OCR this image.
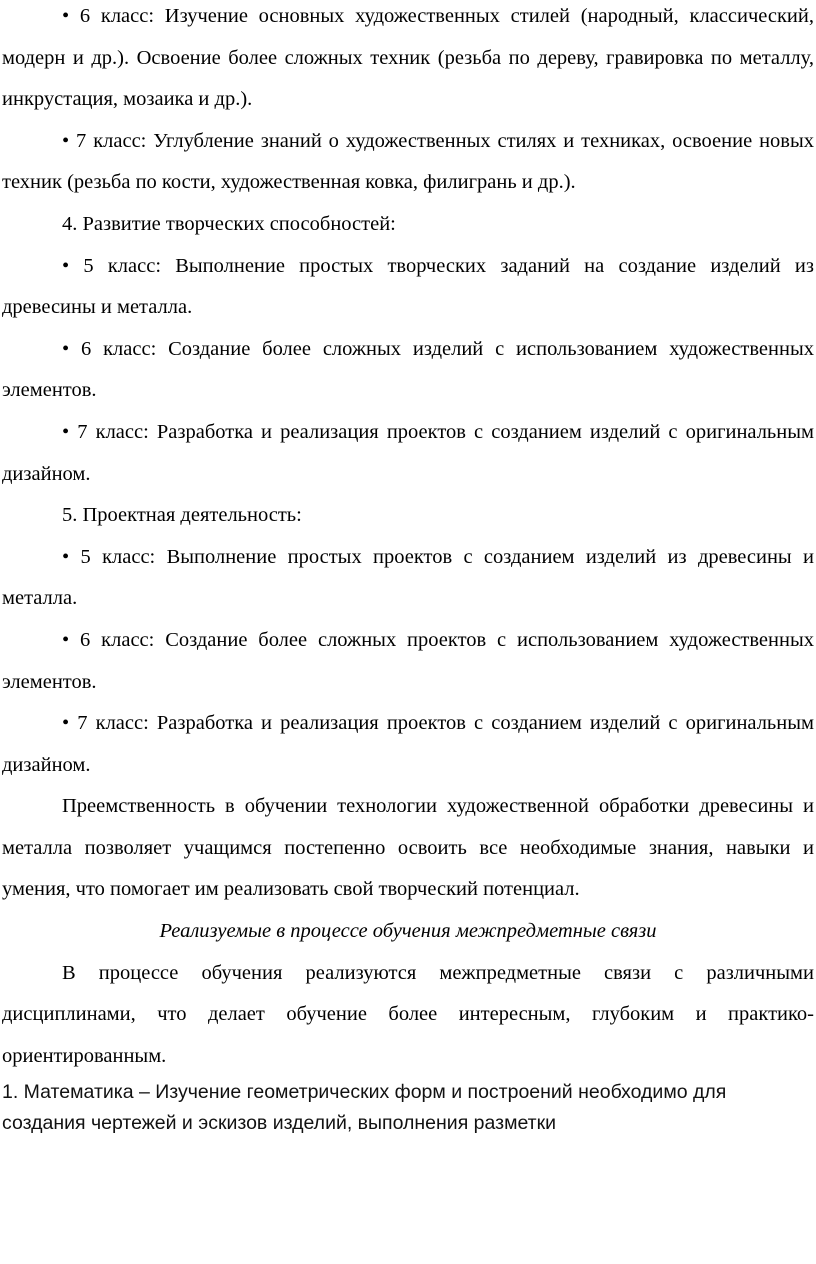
• 6 класс: Изучение основных художественных стилей (народный, классический, модерн и др.). Освоение более сложных техник (резьба по дереву, гравировка по металлу, инкрустация, мозаика и др.).

• 7 класс: Углубление знаний о художественных стилях и техниках, освоение новых техник (резьба по кости, художественная ковка, филигрань и др.).

4. Развитие творческих способностей:

• 5 класс: Выполнение простых творческих заданий на создание изделий из древесины и металла.

• 6 класс: Создание более сложных изделий с использованием художественных элементов.

• 7 класс: Разработка и реализация проектов с созданием изделий с оригинальным дизайном.

5. Проектная деятельность:

• 5 класс: Выполнение простых проектов с созданием изделий из древесины и металла.

• 6 класс: Создание более сложных проектов с использованием художественных элементов.

• 7 класс: Разработка и реализация проектов с созданием изделий с оригинальным дизайном.

Преемственность в обучении технологии художественной обработки древесины и металла позволяет учащимся постепенно освоить все необходимые знания, навыки и умения, что помогает им реализовать свой творческий потенциал.

Реализуемые в процессе обучения межпредметные связи

В процессе обучения реализуются межпредметные связи с различными дисциплинами, что делает обучение более интересным, глубоким и практико-ориентированным.

1. Математика – Изучение геометрических форм и построений необходимо для создания чертежей и эскизов изделий, выполнения разметки
